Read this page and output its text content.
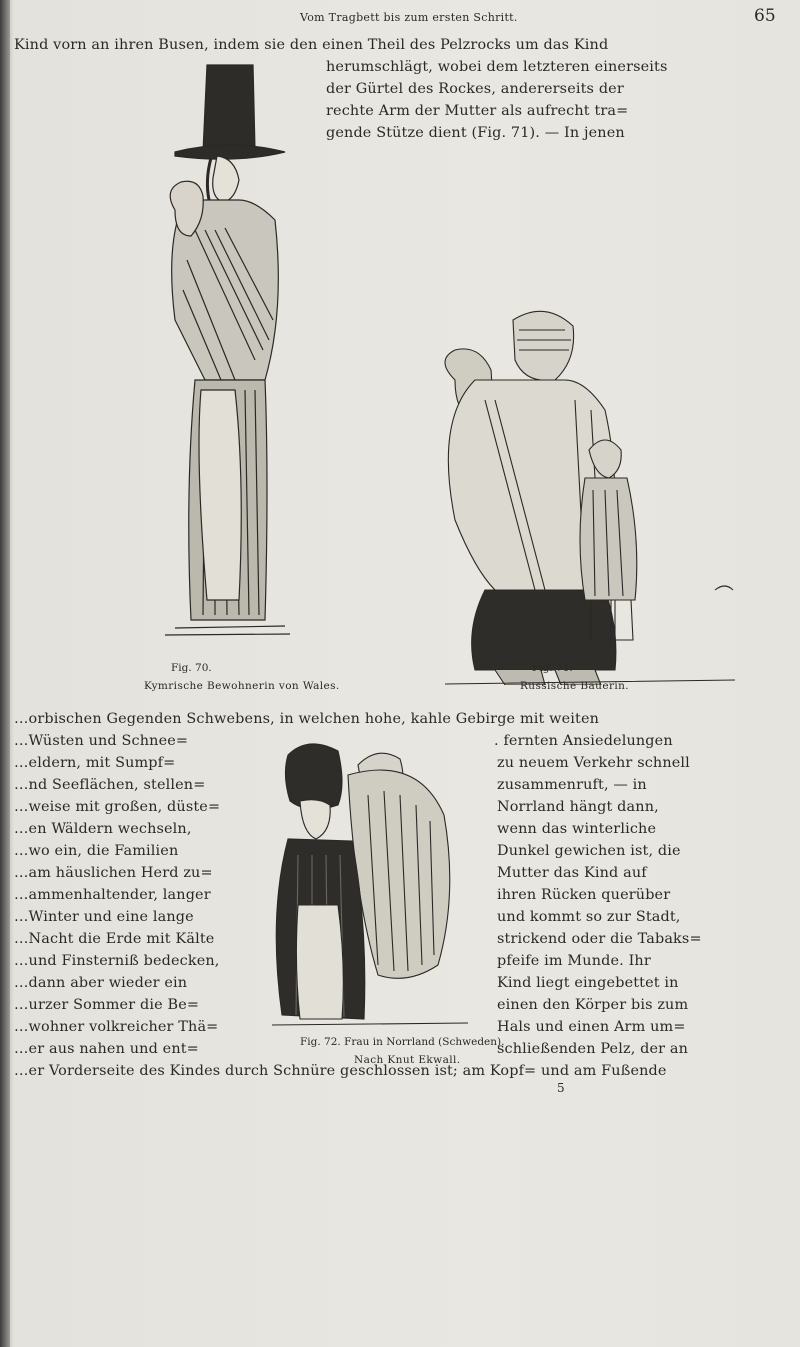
Vom Tragbett bis zum ersten Schritt.	65
Kind vorn an ihren Busen, indem sie den einen Theil des Pelzrocks um das Kind
herumschlägt, wobei dem letzteren einerseits
der Gürtel des Rockes, andererseits der
rechte Arm der Mutter als aufrecht tra=
gende Stütze dient (Fig. 71). — In jenen
Fig. 70.
Kymrische Bewohnerin von Wales.
Fig. 71.
Russische Bäuerin.
…orbischen Gegenden Schwebens, in welchen hohe, kahle Gebirge mit weiten
…Wüsten und Schnee=
…eldern, mit Sumpf=
…nd Seeflächen, stellen=
…weise mit großen, düste=
…en Wäldern wechseln,
…wo ein, die Familien
…am häuslichen Herd zu=
…ammenhaltender, langer
…Winter und eine lange
…Nacht die Erde mit Kälte
…und Finsterniß bedecken,
…dann aber wieder ein
…urzer Sommer die Be=
…wohner volkreicher Thä=
…er aus nahen und ent=
…er Vorderseite des Kindes durch Schnüre geschlossen ist; am Kopf= und am Fußende
Fig. 72. Frau in Norrland (Schweden).
Nach Knut Ekwall.
. fernten Ansiedelungen
zu neuem Verkehr schnell
zusammenruft, — in
Norrland hängt dann,
wenn das winterliche
Dunkel gewichen ist, die
Mutter das Kind auf
ihren Rücken querüber
und kommt so zur Stadt,
strickend oder die Tabaks=
pfeife im Munde. Ihr
Kind liegt eingebettet in
einen den Körper bis zum
Hals und einen Arm um=
schließenden Pelz, der an
5
